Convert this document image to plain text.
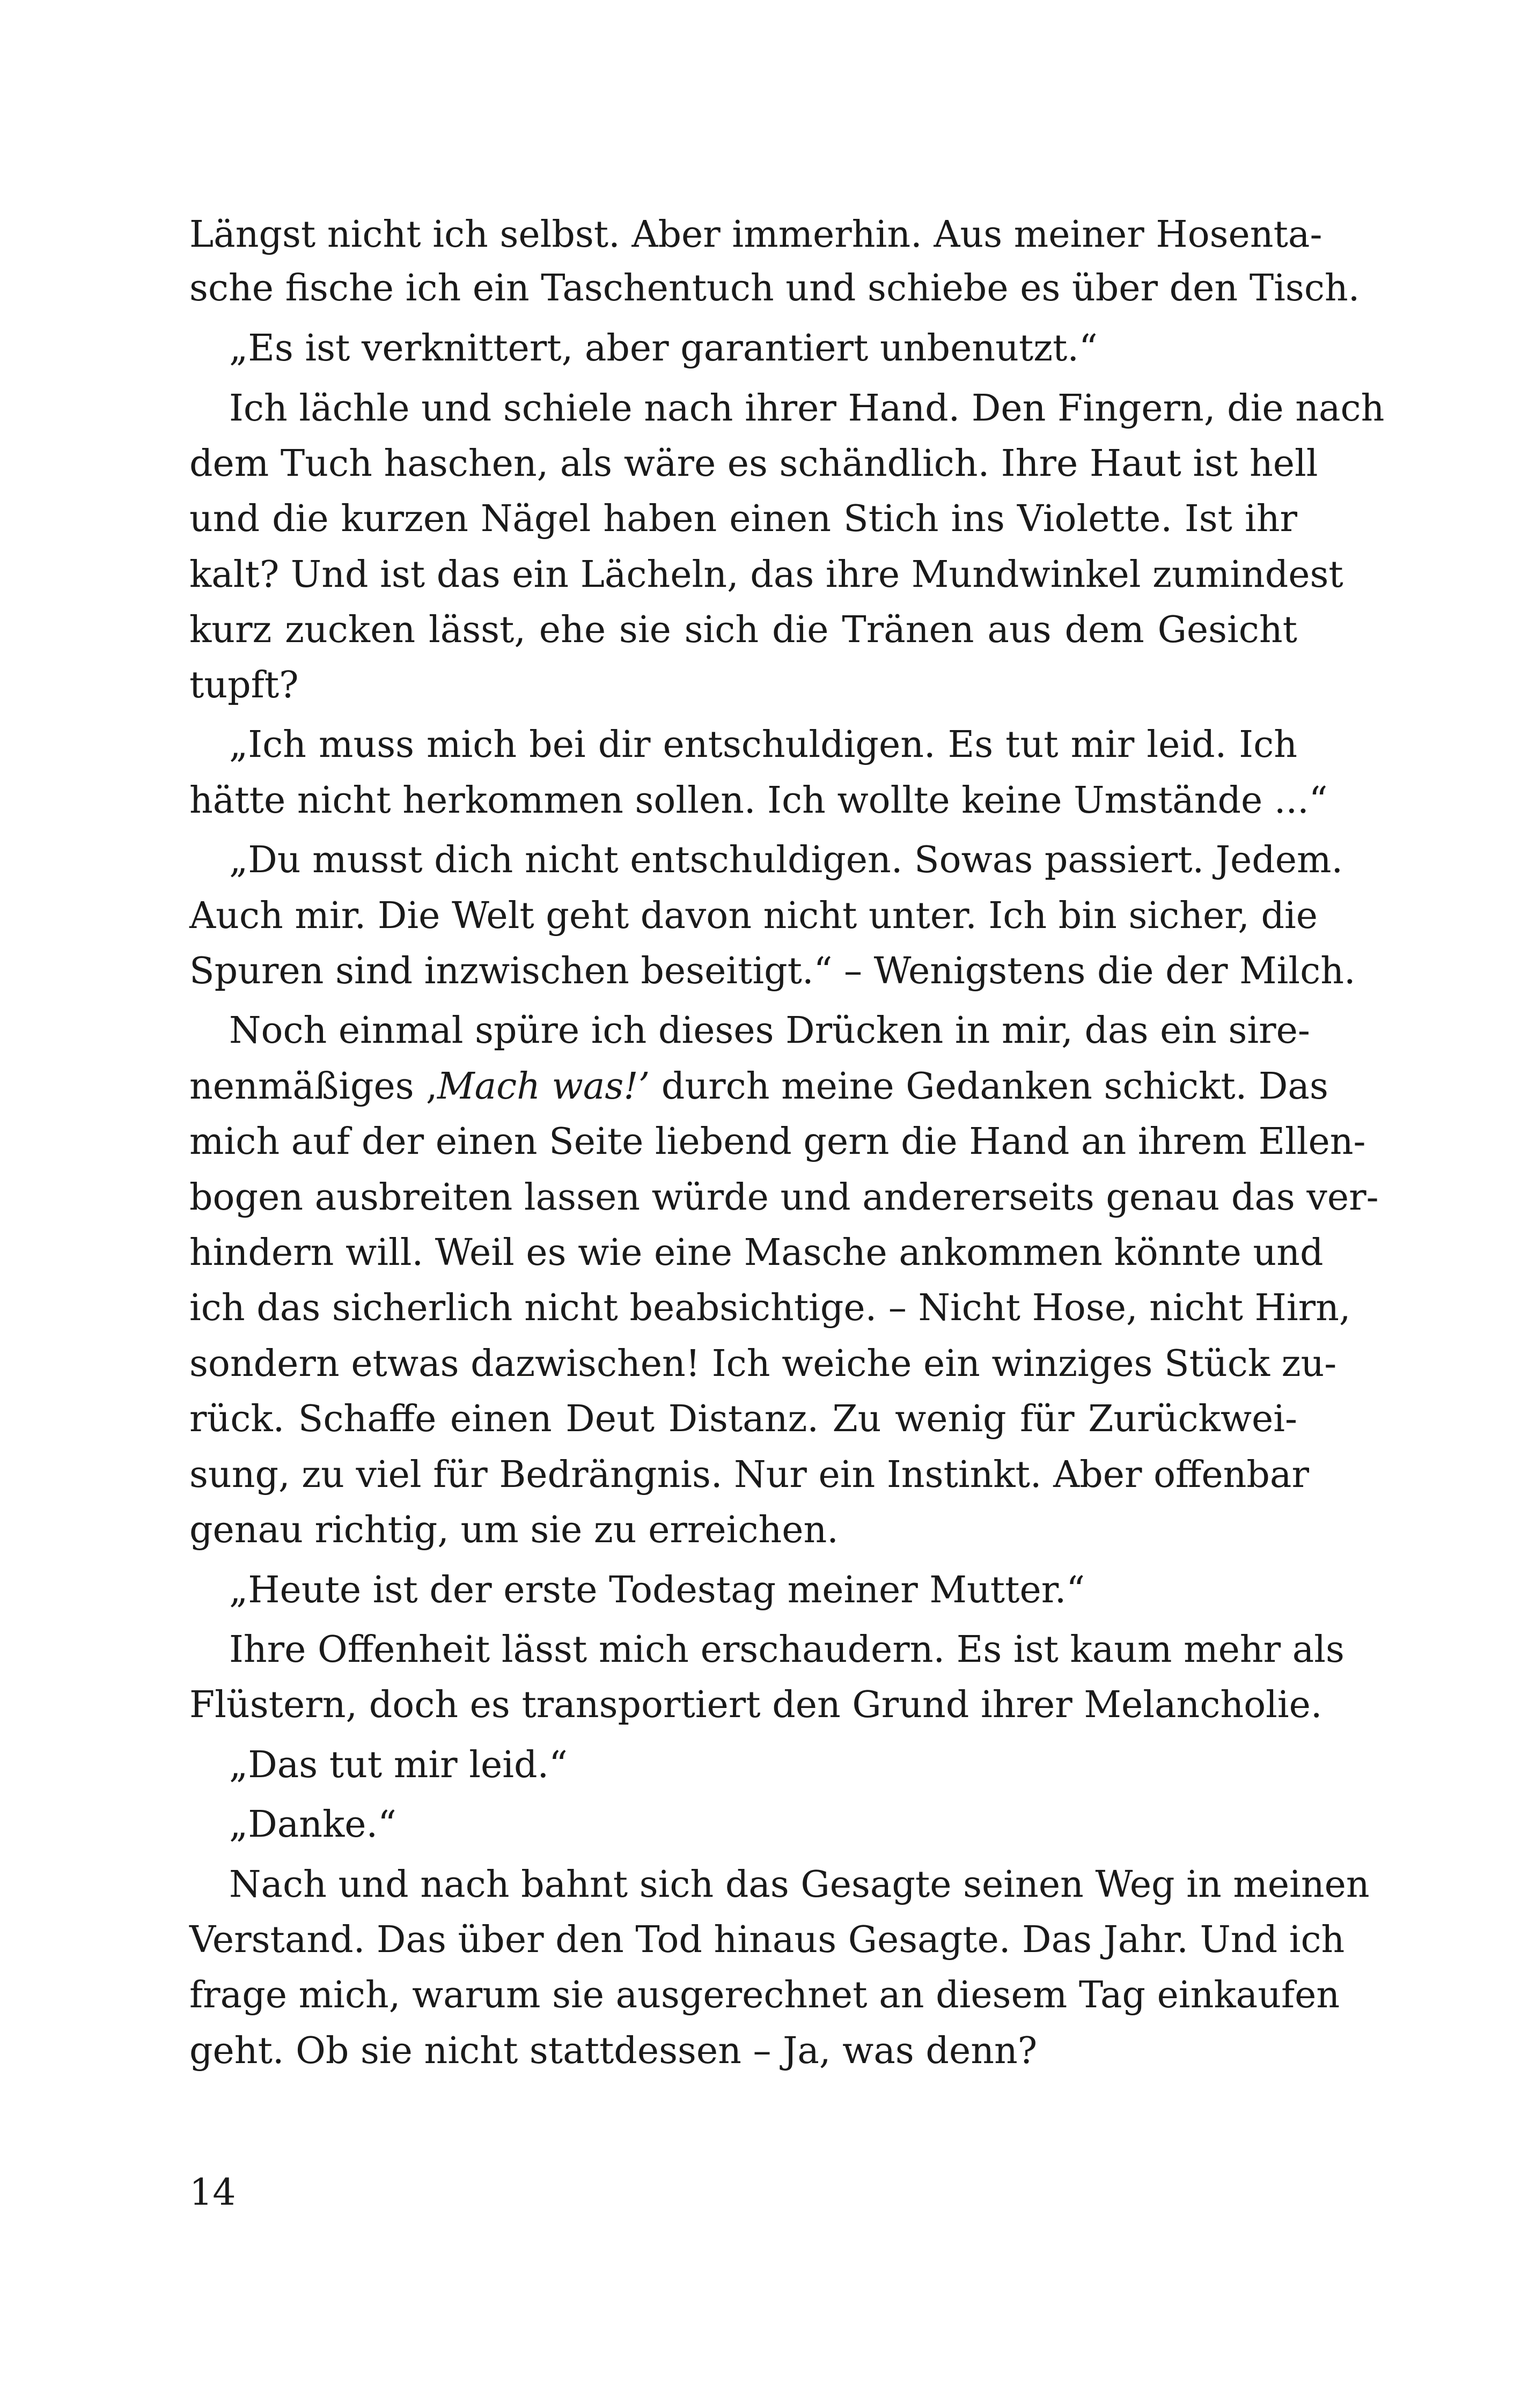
Längst nicht ich selbst. Aber immerhin. Aus meiner Hosenta-
sche fische ich ein Taschentuch und schiebe es über den Tisch.
„Es ist verknittert, aber garantiert unbenutzt.“
Ich lächle und schiele nach ihrer Hand. Den Fingern, die nach
dem Tuch haschen, als wäre es schändlich. Ihre Haut ist hell
und die kurzen Nägel haben einen Stich ins Violette. Ist ihr
kalt? Und ist das ein Lächeln, das ihre Mundwinkel zumindest
kurz zucken lässt, ehe sie sich die Tränen aus dem Gesicht
tupft?
„Ich muss mich bei dir entschuldigen. Es tut mir leid. Ich
hätte nicht herkommen sollen. Ich wollte keine Umstände ...“
„Du musst dich nicht entschuldigen. Sowas passiert. Jedem.
Auch mir. Die Welt geht davon nicht unter. Ich bin sicher, die
Spuren sind inzwischen beseitigt.“ – Wenigstens die der Milch.
Noch einmal spüre ich dieses Drücken in mir, das ein sire-
nenmäßiges ‚Mach was!’ durch meine Gedanken schickt. Das
mich auf der einen Seite liebend gern die Hand an ihrem Ellen-
bogen ausbreiten lassen würde und andererseits genau das ver-
hindern will. Weil es wie eine Masche ankommen könnte und
ich das sicherlich nicht beabsichtige. – Nicht Hose, nicht Hirn,
sondern etwas dazwischen! Ich weiche ein winziges Stück zu-
rück. Schaffe einen Deut Distanz. Zu wenig für Zurückwei-
sung, zu viel für Bedrängnis. Nur ein Instinkt. Aber offenbar
genau richtig, um sie zu erreichen.
„Heute ist der erste Todestag meiner Mutter.“
Ihre Offenheit lässt mich erschaudern. Es ist kaum mehr als
Flüstern, doch es transportiert den Grund ihrer Melancholie.
„Das tut mir leid.“
„Danke.“
Nach und nach bahnt sich das Gesagte seinen Weg in meinen
Verstand. Das über den Tod hinaus Gesagte. Das Jahr. Und ich
frage mich, warum sie ausgerechnet an diesem Tag einkaufen
geht. Ob sie nicht stattdessen – Ja, was denn?
14
